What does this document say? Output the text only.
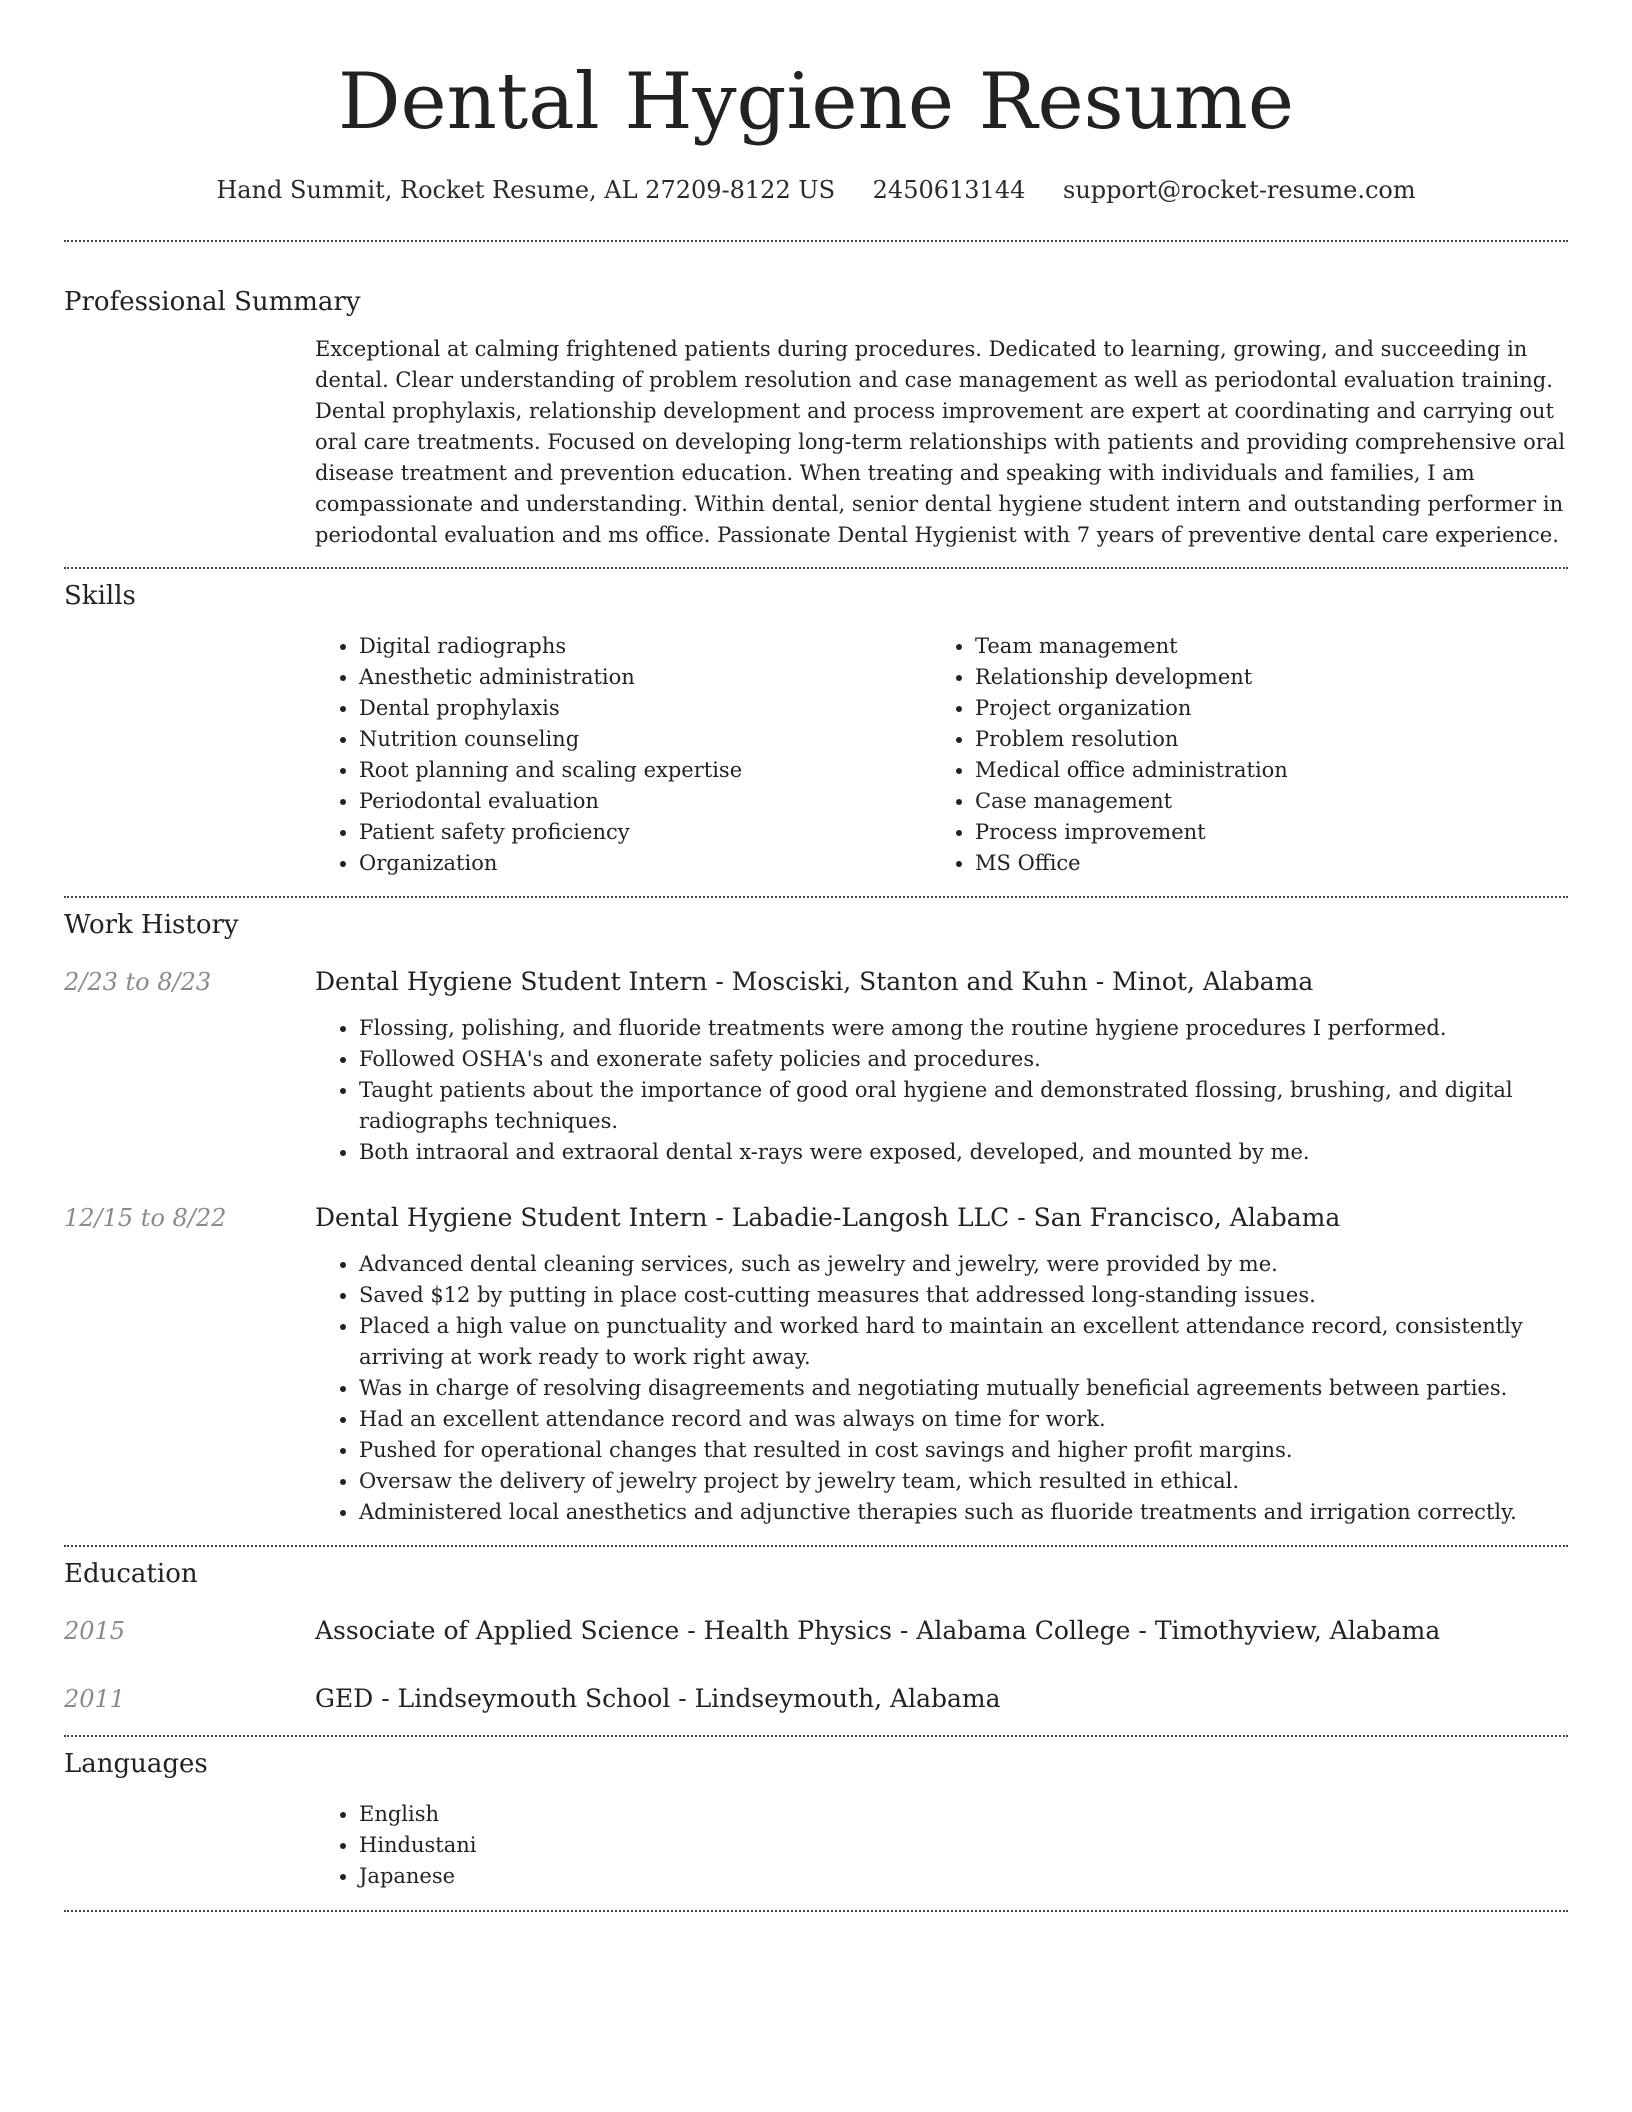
Dental Hygiene Resume
Hand Summit, Rocket Resume, AL 27209-8122 US 2450613144 support@rocket-resume.com
Professional Summary

Exceptional at calming frightened patients during procedures. Dedicated to learning, growing, and succeeding in dental. Clear understanding of problem resolution and case management as well as periodontal evaluation training. Dental prophylaxis, relationship development and process improvement are expert at coordinating and carrying out oral care treatments. Focused on developing long-term relationships with patients and providing comprehensive oral disease treatment and prevention education. When treating and speaking with individuals and families, I am compassionate and understanding. Within dental, senior dental hygiene student intern and outstanding performer in periodontal evaluation and ms office. Passionate Dental Hygienist with 7 years of preventive dental care experience.

Skills
• Digital radiographs
• Anesthetic administration
• Dental prophylaxis
• Nutrition counseling
• Root planning and scaling expertise
• Periodontal evaluation
• Patient safety proficiency
• Organization
• Team management
• Relationship development
• Project organization
• Problem resolution
• Medical office administration
• Case management
• Process improvement
• MS Office
Work History
2/23 to 8/23	Dental Hygiene Student Intern - Mosciski, Stanton and Kuhn - Minot, Alabama
• Flossing, polishing, and fluoride treatments were among the routine hygiene procedures I performed.
• Followed OSHA's and exonerate safety policies and procedures.
• Taught patients about the importance of good oral hygiene and demonstrated flossing, brushing, and digital radiographs techniques.
• Both intraoral and extraoral dental x-rays were exposed, developed, and mounted by me.
12/15 to 8/22	Dental Hygiene Student Intern - Labadie-Langosh LLC - San Francisco, Alabama
• Advanced dental cleaning services, such as jewelry and jewelry, were provided by me.
• Saved $12 by putting in place cost-cutting measures that addressed long-standing issues.
• Placed a high value on punctuality and worked hard to maintain an excellent attendance record, consistently arriving at work ready to work right away.
• Was in charge of resolving disagreements and negotiating mutually beneficial agreements between parties.
• Had an excellent attendance record and was always on time for work.
• Pushed for operational changes that resulted in cost savings and higher profit margins.
• Oversaw the delivery of jewelry project by jewelry team, which resulted in ethical.
• Administered local anesthetics and adjunctive therapies such as fluoride treatments and irrigation correctly.
Education
2015	Associate of Applied Science - Health Physics - Alabama College - Timothyview, Alabama
2011	GED - Lindseymouth School - Lindseymouth, Alabama
Languages
• English
• Hindustani
• Japanese
